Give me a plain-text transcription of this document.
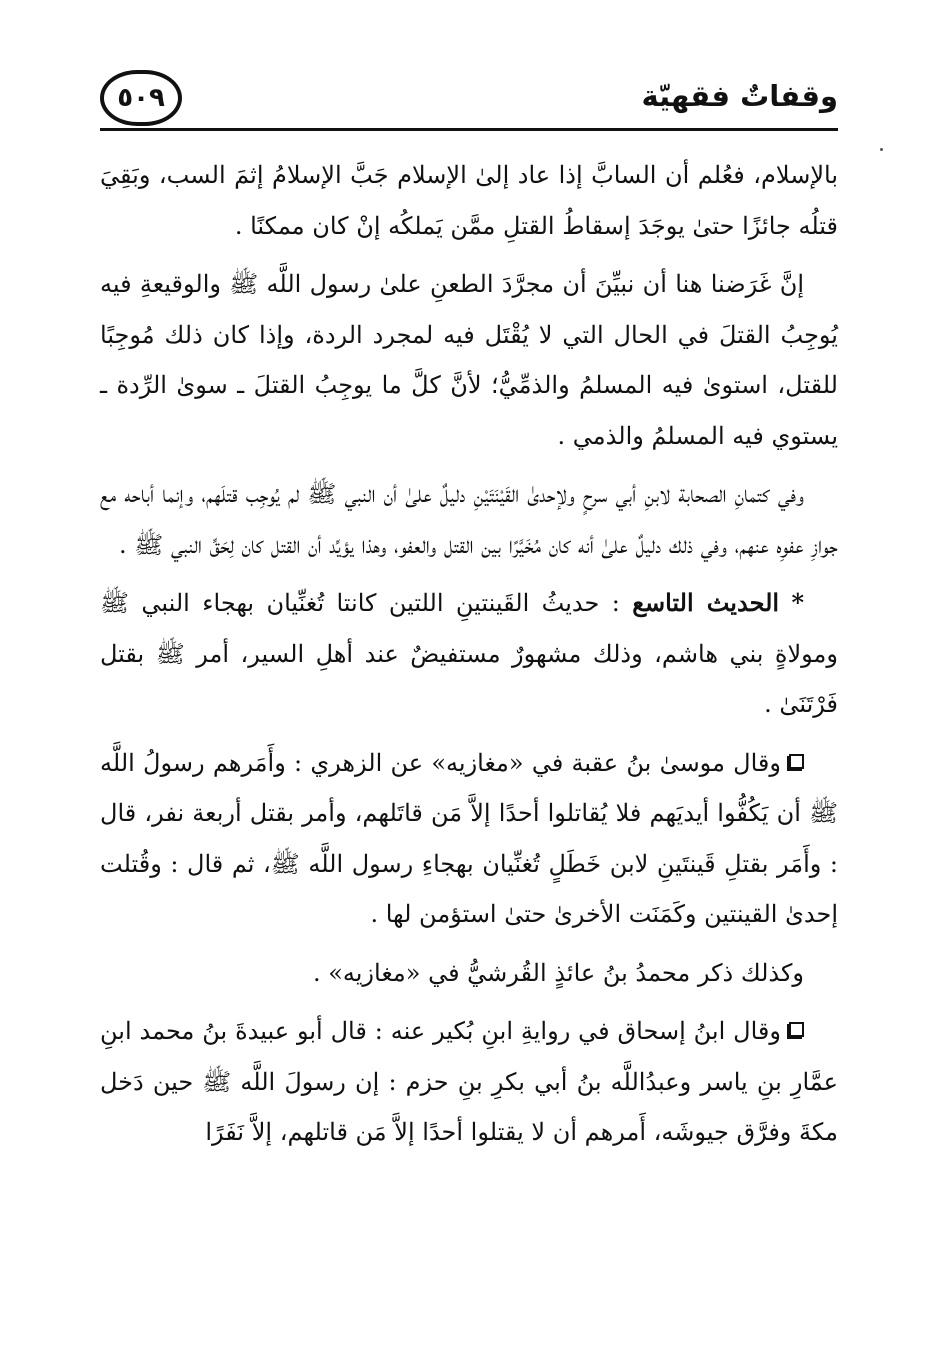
وقفاتٌ فقهيّة
٥٠٩

بالإسلام، فعُلم أن السابَّ إذا عاد إلىٰ الإسلام جَبَّ الإسلامُ إثمَ السب، وبَقِيَ قتلُه جائزًا حتىٰ يوجَدَ إسقاطُ القتلِ ممَّن يَملكُه إنْ كان ممكنًا .

إنَّ غَرَضنا هنا أن نبيِّنَ أن مجرَّدَ الطعنِ علىٰ رسول اللَّه ﷺ والوقيعةِ فيه يُوجِبُ القتلَ في الحال التي لا يُقْتَل فيه لمجرد الردة، وإذا كان ذلك مُوجِبًا للقتل، استوىٰ فيه المسلمُ والذمِّيُّ؛ لأنَّ كلَّ ما يوجِبُ القتلَ ـ سوىٰ الرِّدة ـ يستوي فيه المسلمُ والذمي .

وفي كتمانِ الصحابة لابنِ أبي سرحٍ ولإحدىٰ القَيْنَتَيْنِ دليلٌ علىٰ أن النبي ﷺ لم يُوجِب قتلَهم، وإنما أباحه مع جوازِ عفوِه عنهم، وفي ذلك دليلٌ علىٰ أنه كان مُخَيَّرًا بين القتل والعفو، وهذا يؤيِّد أن القتل كان لِحَقِّ النبي ﷺ .

* الحديث التاسع : حديثُ القَينتينِ اللتين كانتا تُغنِّيان بهجاء النبي ﷺ ومولاةٍ بني هاشم، وذلك مشهورٌ مستفيضٌ عند أهلِ السير، أمر ﷺ بقتل فَرْتَنَىٰ .

وقال موسىٰ بنُ عقبة في «مغازيه» عن الزهري : وأَمَرهم رسولُ اللَّه ﷺ أن يَكُفُّوا أيديَهم فلا يُقاتلوا أحدًا إلاَّ مَن قاتَلهم، وأمر بقتل أربعة نفر، قال : وأَمَر بقتلِ قَينتَينِ لابن خَطَلٍ تُغنِّيان بهجاءِ رسول اللَّه ﷺ، ثم قال : وقُتلت إحدىٰ القينتين وكَمَنَت الأخرىٰ حتىٰ استؤمن لها .

وكذلك ذكر محمدُ بنُ عائذٍ القُرشيُّ في «مغازيه» .

وقال ابنُ إسحاق في روايةِ ابنِ بُكير عنه : قال أبو عبيدةَ بنُ محمد ابنِ عمَّارِ بنِ ياسر وعبدُاللَّه بنُ أبي بكرِ بنِ حزم : إن رسولَ اللَّه ﷺ حين دَخل مكةَ وفرَّق جيوشَه، أَمرهم أن لا يقتلوا أحدًا إلاَّ مَن قاتلهم، إلاَّ نَفَرًا
